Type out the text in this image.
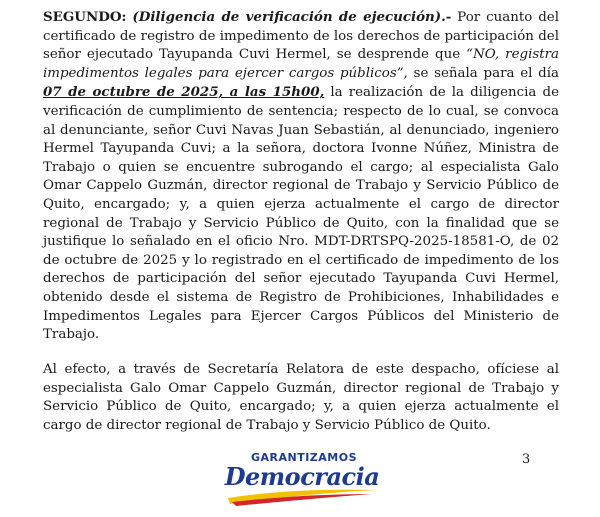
SEGUNDO: (Diligencia de verificación de ejecución).- Por cuanto del certificado de registro de impedimento de los derechos de participación del señor ejecutado Tayupanda Cuvi Hermel, se desprende que “NO, registra impedimentos legales para ejercer cargos públicos”, se señala para el día 07 de octubre de 2025, a las 15h00, la realización de la diligencia de verificación de cumplimiento de sentencia; respecto de lo cual, se convoca al denunciante, señor Cuvi Navas Juan Sebastián, al denunciado, ingeniero Hermel Tayupanda Cuvi; a la señora, doctora Ivonne Núñez, Ministra de Trabajo o quien se encuentre subrogando el cargo; al especialista Galo Omar Cappelo Guzmán, director regional de Trabajo y Servicio Público de Quito, encargado; y, a quien ejerza actualmente el cargo de director regional de Trabajo y Servicio Público de Quito, con la finalidad que se justifique lo señalado en el oficio Nro. MDT-DRTSPQ-2025-18581-O, de 02 de octubre de 2025 y lo registrado en el certificado de impedimento de los derechos de participación del señor ejecutado Tayupanda Cuvi Hermel, obtenido desde el sistema de Registro de Prohibiciones, Inhabilidades e Impedimentos Legales para Ejercer Cargos Públicos del Ministerio de Trabajo.

Al efecto, a través de Secretaría Relatora de este despacho, ofíciese al especialista Galo Omar Cappelo Guzmán, director regional de Trabajo y Servicio Público de Quito, encargado; y, a quien ejerza actualmente el cargo de director regional de Trabajo y Servicio Público de Quito.

GARANTIZAMOS
Democracia
3
